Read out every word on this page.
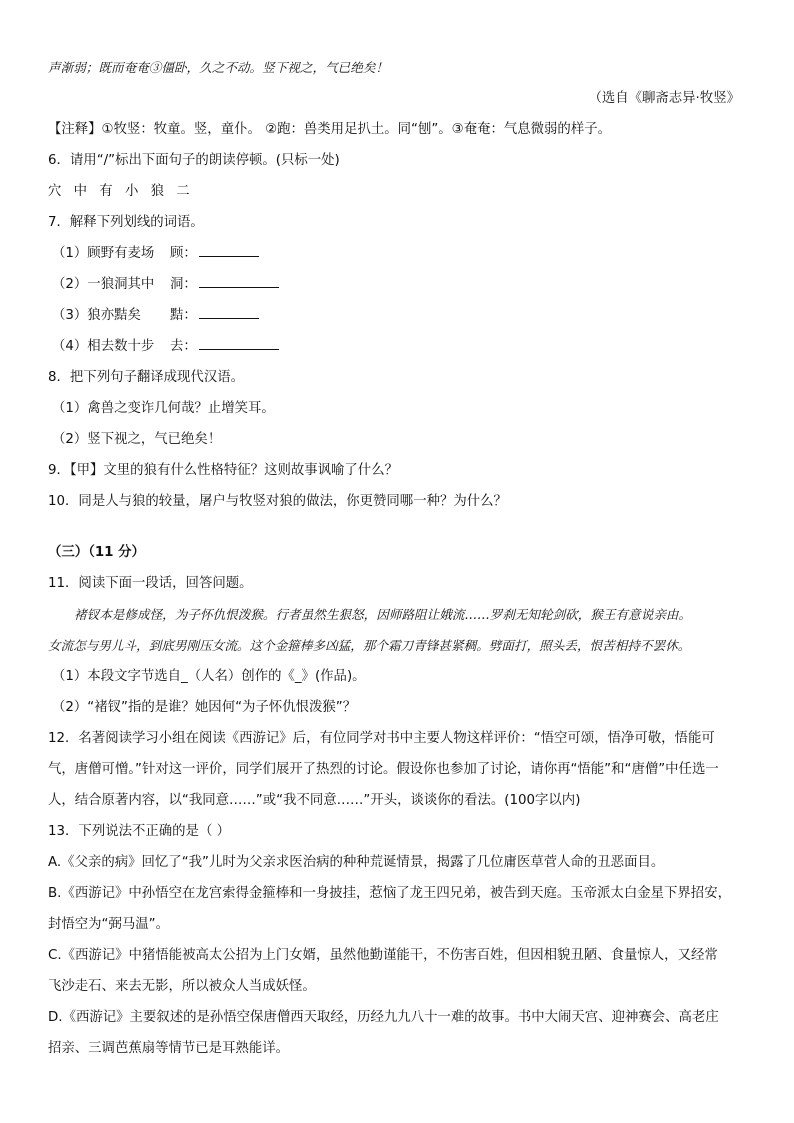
声渐弱；既而奄奄③僵卧，久之不动。竖下视之，气已绝矣！
（选自《聊斋志异·牧竖》
【注释】①牧竖：牧童。竖，童仆。 ②跑：兽类用足扒土。同“刨”。③奄奄：气息微弱的样子。
6．请用“/”标出下面句子的朗读停顿。(只标一处)
穴 中 有 小 狼 二
7．解释下列划线的词语。
（1）顾野有麦场 顾：
（2）一狼洞其中 洞：
（3）狼亦黠矣 黠：
（4）相去数十步 去：
8．把下列句子翻译成现代汉语。
（1）禽兽之变诈几何哉？止增笑耳。
（2）竖下视之，气已绝矣！
9．【甲】文里的狼有什么性格特征？这则故事讽喻了什么？
10．同是人与狼的较量，屠户与牧竖对狼的做法，你更赞同哪一种？为什么？
（三）（11 分）
11．阅读下面一段话，回答问题。
褚钗本是修成怪，为子怀仇恨泼猴。行者虽然生狠怒，因师路阻让娥流……罗刹无知轮剑砍，猴王有意说亲由。
女流怎与男儿斗，到底男刚压女流。这个金箍棒多凶猛，那个霜刀青锋甚紧稠。劈面打，照头丢，恨苦相持不罢休。
（1）本段文字节选自_（人名）创作的《_》(作品)。
（2）“褚钗”指的是谁？她因何“为子怀仇恨泼猴”？
12．名著阅读学习小组在阅读《西游记》后，有位同学对书中主要人物这样评价：“悟空可颂，悟净可敬，悟能可
气，唐僧可憎。”针对这一评价，同学们展开了热烈的讨论。假设你也参加了讨论，请你再“悟能”和“唐僧”中任选一
人，结合原著内容，以“我同意……”或“我不同意……”开头，谈谈你的看法。(100字以内)
13．下列说法不正确的是（ ）
A.《父亲的病》回忆了“我”儿时为父亲求医治病的种种荒诞情景，揭露了几位庸医草菅人命的丑恶面目。
B.《西游记》中孙悟空在龙宫索得金箍棒和一身披挂，惹恼了龙王四兄弟，被告到天庭。玉帝派太白金星下界招安，
封悟空为“弼马温”。
C.《西游记》中猪悟能被高太公招为上门女婿，虽然他勤谨能干，不伤害百姓，但因相貌丑陋、食量惊人，又经常
飞沙走石、来去无影，所以被众人当成妖怪。
D.《西游记》主要叙述的是孙悟空保唐僧西天取经，历经九九八十一难的故事。书中大闹天宫、迎神赛会、高老庄
招亲、三调芭蕉扇等情节已是耳熟能详。
